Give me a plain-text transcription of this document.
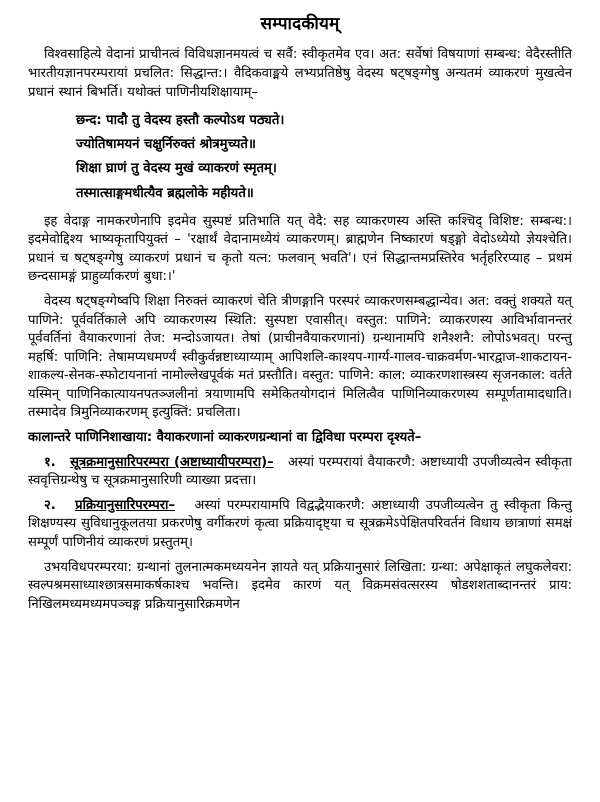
सम्पादकीयम्

विश्वसाहित्ये वेदानां प्राचीनत्वं विविधज्ञानमयत्वं च सर्वै: स्वीकृतमेव एव। अत: सर्वेषां विषयाणां सम्बन्ध: वेदैरस्तीति भारतीयज्ञानपरम्परायां प्रचलित: सिद्धान्त:। वैदिकवाङ्मये लभ्यप्रतिष्ठेषु वेदस्य षट्षङ्ग्गेषु अन्यतमं व्याकरणं मुखत्वेन प्रधानं स्थानं बिभर्ति। यथोक्तं पाणिनीयशिक्षायाम्–

छन्द: पादौ तु वेदस्य हस्तौ कल्पोऽथ पठ्यते।
ज्योतिषामयनं चक्षुर्निरुक्तं श्रोत्रमुच्यते॥
शिक्षा घ्राणं तु वेदस्य मुखं व्याकरणं स्मृतम्।
तस्मात्साङ्गमधीत्यैव ब्रह्मलोके महीयते॥

इह वेदाङ्ग नामकरणेनापि इदमेव सुस्पष्टं प्रतिभाति यत् वेदै: सह व्याकरणस्य अस्ति कश्चिद् विशिष्ट: सम्बन्ध:। इदमेवोद्दिश्य भाष्यकृतापि‍युक्तं – 'रक्षार्थं वेदानामध्येयं व्याकरणम्। ब्राह्मणेन निष्कारणं षड्ङ्गो वेदोऽध्येयो ज्ञेयश्चेति। प्रधानं च षट्षङ्ग्गेषु व्याकरणं प्रधानं च कृतो यत्न: फलवान् भवति'। एनं सिद्धान्तमप्रस्तिरेव भर्तृहरिरप्याह – प्रथमं छन्दसामङ्गं प्राहुर्व्याकरणं बुधा:।'

वेदस्य षट्षङ्ग्गेष्वपि शिक्षा निरुक्तं व्याकरणं चेति त्रीणङ्गानि परस्परं व्याकरणसम्बद्धान्येव। अत: वक्तुं शक्यते यत् पाणिने: पूर्ववर्तिकाले अपि व्याकरणस्य स्थिति: सुस्पष्टा एवासीत्। वस्तुत: पाणिने: व्याकरणस्य आविर्भावानन्तरं पूर्ववर्तिनां वैयाकरणानां तेज: मन्दोऽजायत। तेषां (प्राचीनवैयाकरणानां) ग्रन्थानामपि शनैश्शनै: लोपोऽभवत्। परन्तु महर्षि: पाणिनि: तेषामप्यधमर्ण्यं स्वीकुर्वन्नष्टाध्याय्याम् आपिशलि-काश्यप-गार्ग्य-गालव-चाक्रवर्मण-भारद्वाज-शाकटायन-शाकल्य-सेनक-स्फोटायनानां नामोल्लेखपूर्वकं मतं प्रस्तौति। वस्तुत: पाणिने: काल: व्याकरणशास्त्रस्य सृजनकाल: वर्तते यस्मिन् पाणिनिकात्यायनपतञ्जलीनां त्रयाणामपि समेकितयोगदानं मिलित्वैव पाणिनिव्याकरणस्य सम्पूर्णतामादधाति। तस्मादेव त्रिमुनिव्याकरणम् इत्युक्तिं: प्रचलिता।

कालान्तरे पाणिनिशाखाया: वैयाकरणानां व्याकरणग्रन्थानां वा द्विविधा परम्परा दृश्यते–

१. सूत्रक्रमानुसारिपरम्परा (अष्टाध्यायीपरम्परा)– अस्यां परम्परायां वैयाकरणै: अष्टाध्यायी उपजीव्यत्वेन स्वीकृता स्ववृत्तिग्रन्थेषु च सूत्रक्रमानुसारिणी व्याख्या प्रदत्ता।

२. प्रक्रियानुसारिपरम्परा– अस्यां परम्परायामपि विद्वद्भैयाकरणै: अष्टाध्यायी उपजीव्यत्वेन तु स्वीकृता किन्तु शिक्षण्यस्य सुविधानुकूलतया प्रकरणेषु वर्गीकरणं कृत्वा प्रक्रियादृष्ट्या च सूत्रक्रमेऽपेक्षितपरिवर्तनं विधाय छात्राणां समक्षं सम्पूर्णं पाणिनीयं व्याकरणं प्रस्तुतम्।

उभयविधपरम्परया: ग्रन्थानां तुलनात्मकमध्ययनेन ज्ञायते यत् प्रक्रियानुसारं लिखिता: ग्रन्था: अपेक्षाकृतं लघुकलेवरा: स्वल्पश्रमसाध्याश्छात्रसमाकर्षकाश्च भवन्ति। इदमेव कारणं यत् विक्रमसंवत्सरस्य षोडशशताब्दानन्तरं प्राय: निखिलमध्यमध्यमपञ्चङ्ग प्रक्रियानुसारिक्रमणेन
